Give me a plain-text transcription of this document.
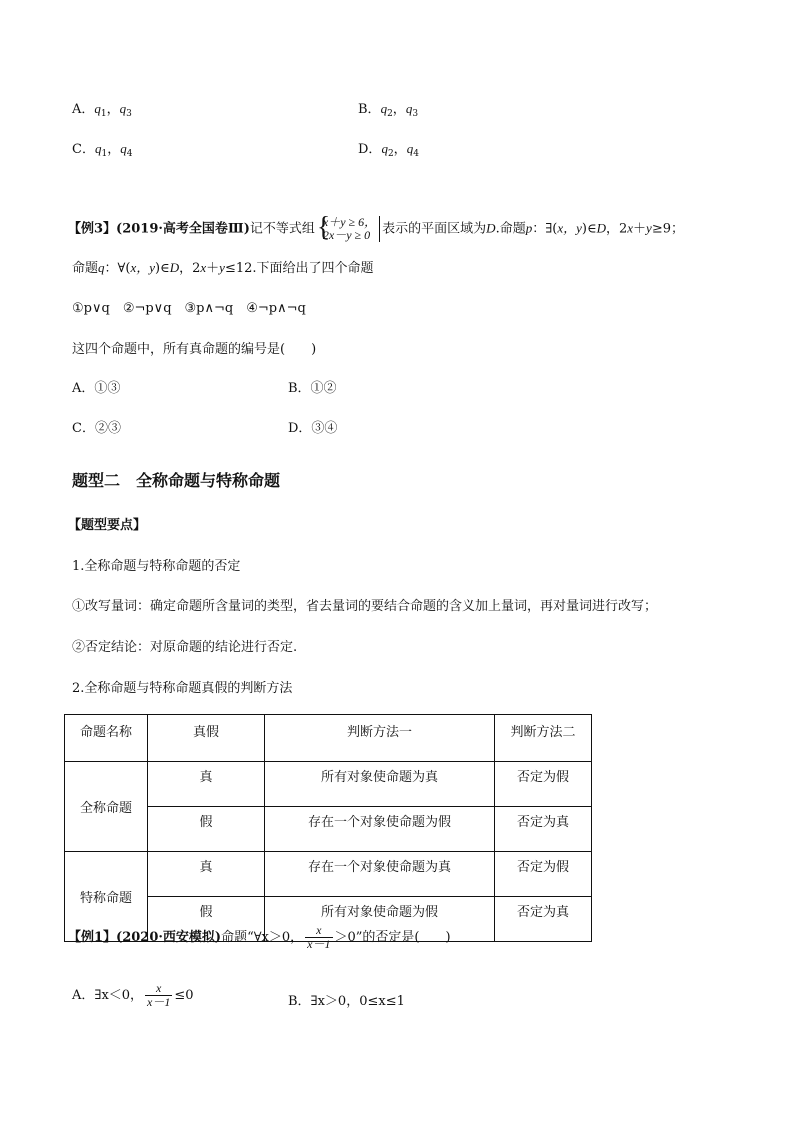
A．$q_1$，$q_3$	B．$q_2$，$q_3$
C．$q_1$，$q_4$	D．$q_2$，$q_4$
【例3】(2019·高考全国卷Ⅲ)记不等式组 {
x＋y ≥ 6，
2x－y ≥ 0 表示的平面区域为D.命题p：∃(x，y)∈D，2x＋y≥9；
命题q：∀(x，y)∈D，2x＋y≤12.下面给出了四个命题
①p∨q　②¬p∨q　③p∧¬q　④¬p∧¬q
这四个命题中，所有真命题的编号是(　　)
A．①③	B．①②
C．②③	D．③④
题型二　全称命题与特称命题
【题型要点】
1.全称命题与特称命题的否定
①改写量词：确定命题所含量词的类型，省去量词的要结合命题的含义加上量词，再对量词进行改写；
②否定结论：对原命题的结论进行否定.
2.全称命题与特称命题真假的判断方法
命题名称	真假	判断方法一	判断方法二
全称命题	真	所有对象使命题为真	否定为假
	假	存在一个对象使命题为假	否定为真
特称命题	真	存在一个对象使命题为真	否定为假
	假	所有对象使命题为假	否定为真
【例1】(2020·西安模拟)命题“∀x＞0， $\frac{x}{x-1} >0$”的否定是(　　)
A．∃x＜0， $\frac{x}{x-1} \le 0$	B．∃x＞0，0≤x≤1
